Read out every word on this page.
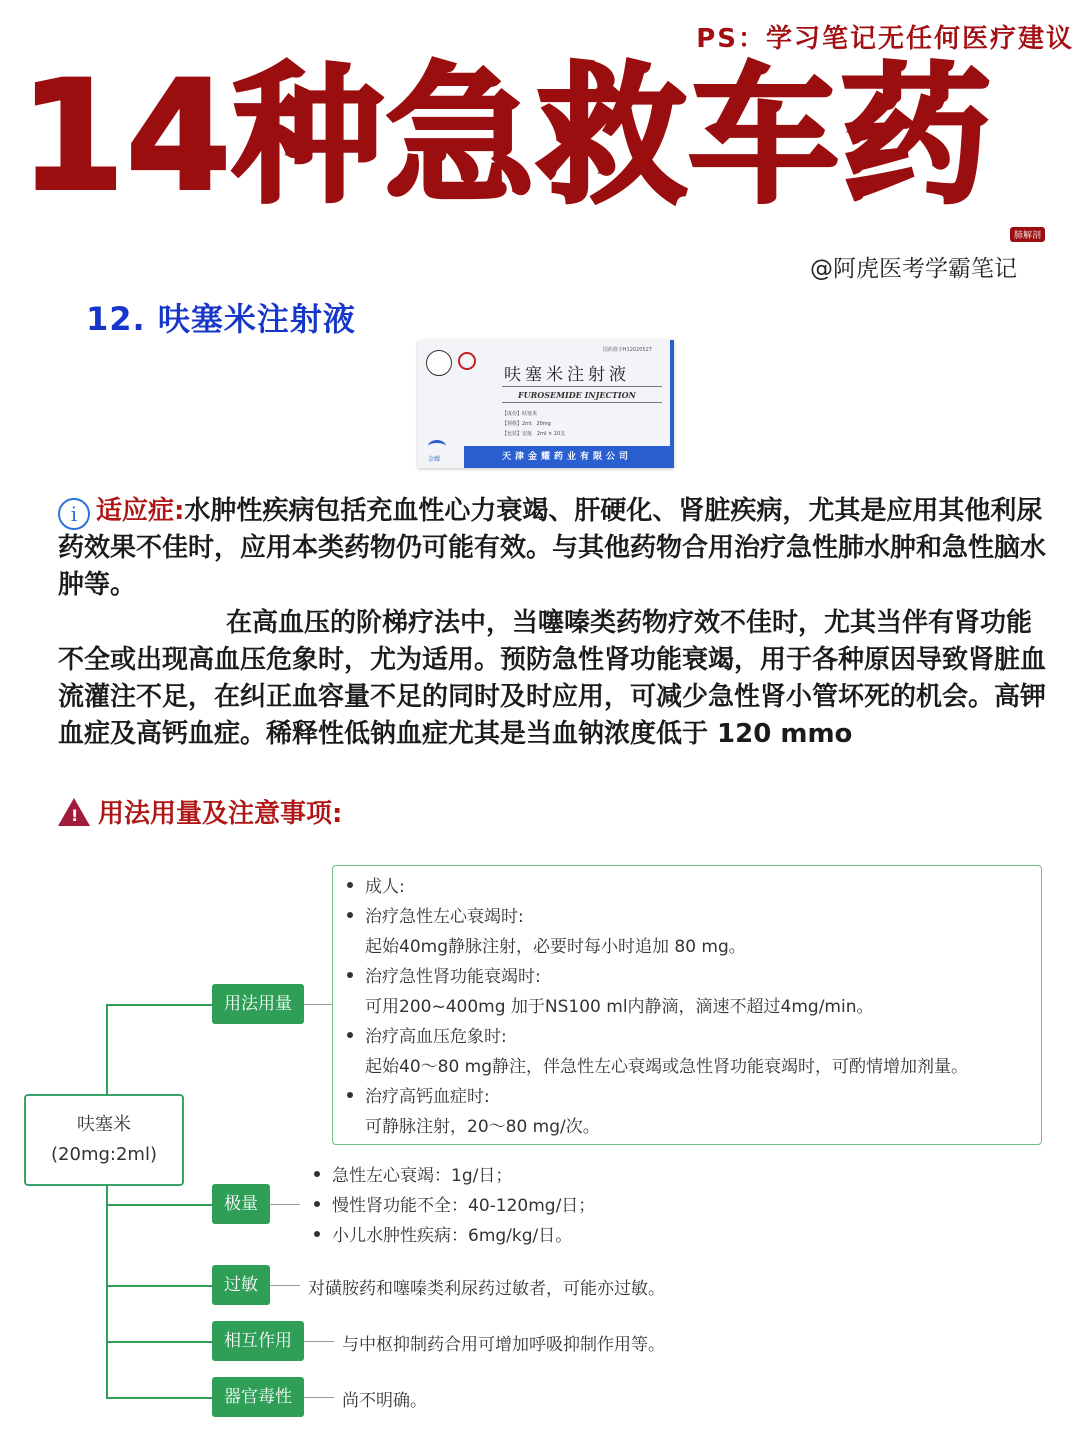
PS：学习笔记无任何医疗建议
14种急救车药
肺解剖
@阿虎医考学霸笔记
12. 呋塞米注射液
国药准字H12020527
呋塞米注射液
FUROSEMIDE INJECTION
【成份】呋塞米
【规格】2ml：20mg
【包装】安瓿　2ml × 10支
金耀	天津金耀药业有限公司
i 适应症:水肿性疾病包括充血性心力衰竭、肝硬化、肾脏疾病，尤其是应用其他利尿药效果不佳时，应用本类药物仍可能有效。与其他药物合用治疗急性肺水肿和急性脑水肿等。
在高血压的阶梯疗法中，当噻嗪类药物疗效不佳时，尤其当伴有肾功能不全或出现高血压危象时，尤为适用。预防急性肾功能衰竭，用于各种原因导致肾脏血流灌注不足，在纠正血容量不足的同时及时应用，可减少急性肾小管坏死的机会。高钾血症及高钙血症。稀释性低钠血症尤其是当血钠浓度低于 120 mmo
! 用法用量及注意事项:
呋塞米
(20mg:2ml)
用法用量
成人:
治疗急性左心衰竭时:
起始40mg静脉注射，必要时每小时追加 80 mg。
治疗急性肾功能衰竭时:
可用200~400mg 加于NS100 ml内静滴，滴速不超过4mg/min。
治疗高血压危象时:
起始40～80 mg静注，伴急性左心衰竭或急性肾功能衰竭时，可酌情增加剂量。
治疗高钙血症时:
可静脉注射，20～80 mg/次。
极量
急性左心衰竭：1g/日；
慢性肾功能不全：40-120mg/日；
小儿水肿性疾病：6mg/kg/日。
过敏	对磺胺药和噻嗪类利尿药过敏者，可能亦过敏。
相互作用	与中枢抑制药合用可增加呼吸抑制作用等。
器官毒性	尚不明确。
